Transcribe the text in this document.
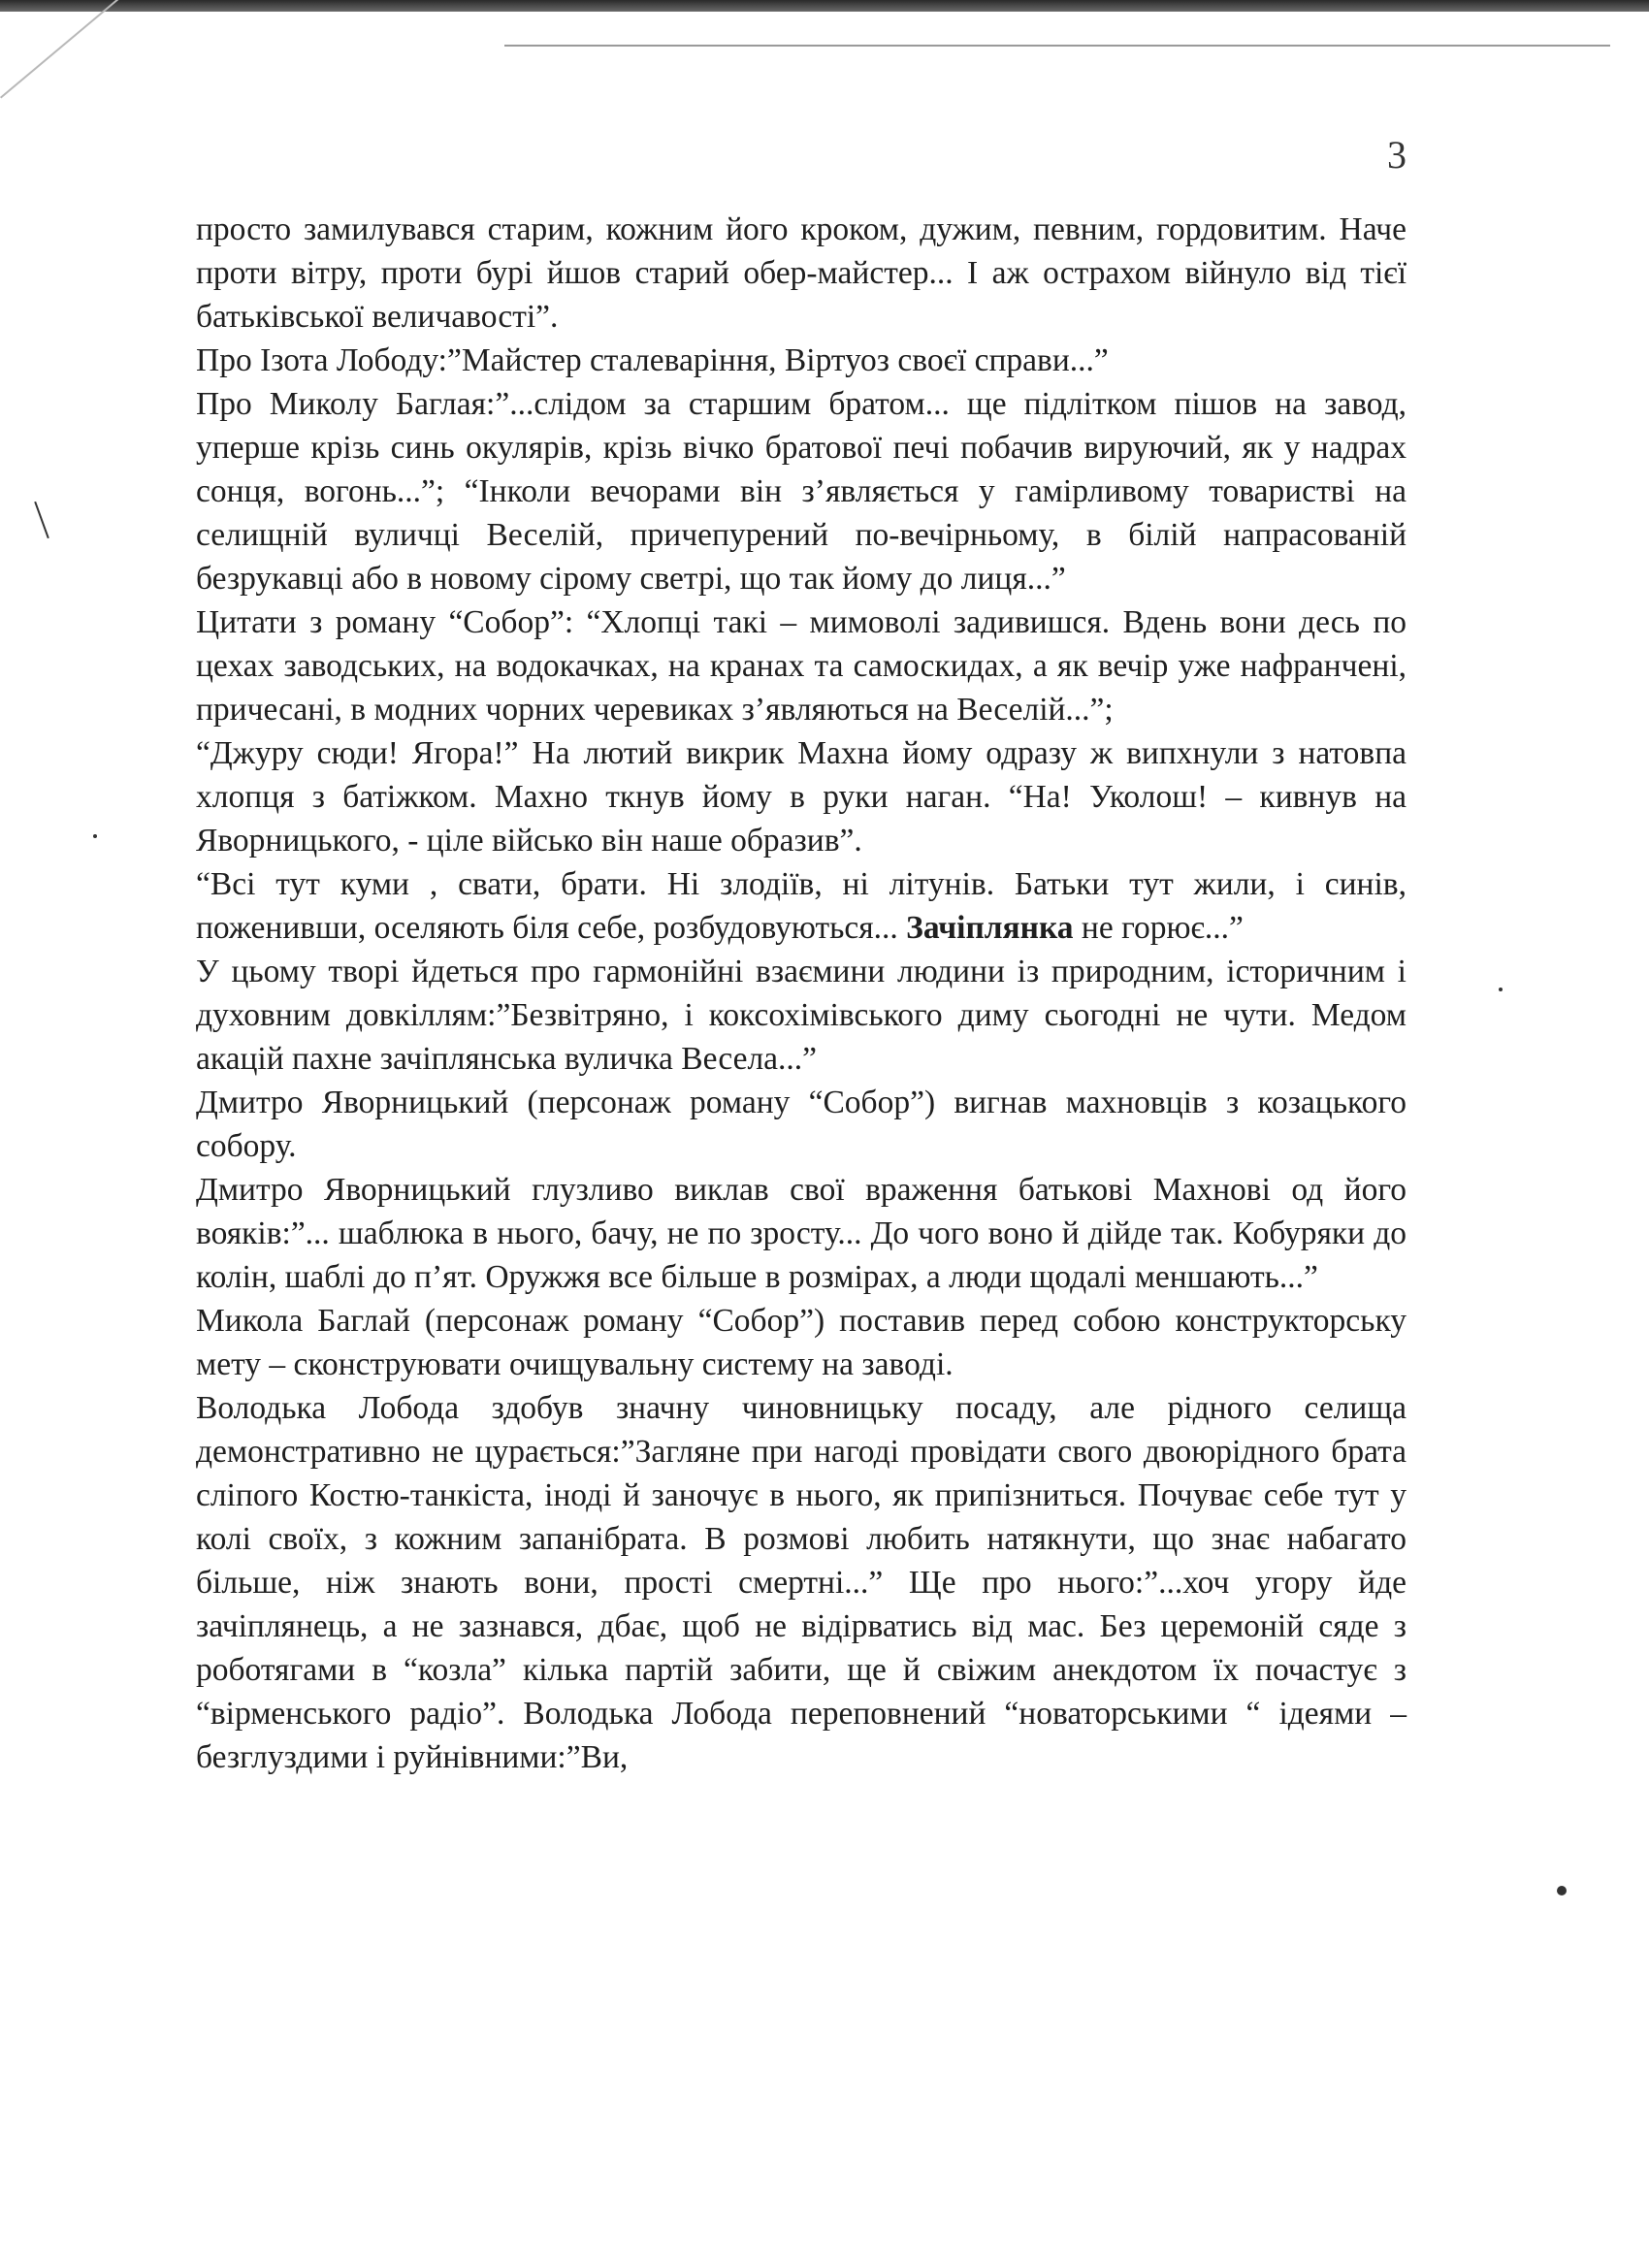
3

просто замилувався старим, кожним його кроком, дужим, певним, гордовитим. Наче проти вітру, проти бурі йшов старий обер-майстер... І аж острахом війнуло від тієї батьківської величавості”.

Про Ізота Лободу:”Майстер сталеваріння, Віртуоз своєї справи...”

Про Миколу Баглая:”...слідом за старшим братом... ще підлітком пішов на завод, уперше крізь синь окулярів, крізь вічко братової печі побачив вируючий, як у надрах сонця, вогонь...”; “Інколи вечорами він з’являється у гамірливому товаристві на селищній вуличці Веселій, причепурений по-вечірньому, в білій напрасованій безрукавці або в новому сірому светрі, що так йому до лиця...”

Цитати з роману “Собор”: “Хлопці такі – мимоволі задивишся. Вдень вони десь по цехах заводських, на водокачках, на кранах та самоскидах, а як вечір уже нафранчені, причесані, в модних чорних черевиках з’являються на Веселій...”;

“Джуру сюди! Ягора!” На лютий викрик Махна йому одразу ж випхнули з натовпа хлопця з батіжком. Махно ткнув йому в руки наган. “На! Уколош! – кивнув на Яворницького, - ціле військо він наше образив”.

“Всі тут куми , свати, брати. Ні злодіїв, ні літунів. Батьки тут жили, і синів, поженивши, оселяють біля себе, розбудовуються... Зачіплянка не горює...”

У цьому творі йдеться про гармонійні взаємини людини із природним, історичним і духовним довкіллям:”Безвітряно, і коксохімівського диму сьогодні не чути. Медом акацій пахне зачіплянська вуличка Весела...”

Дмитро Яворницький (персонаж роману “Собор”) вигнав махновців з козацького собору.

Дмитро Яворницький глузливо виклав свої враження батькові Махнові од його вояків:”... шаблюка в нього, бачу, не по зросту... До чого воно й дійде так. Кобуряки до колін, шаблі до п’ят. Оружжя все більше в розмірах, а люди щодалі меншають...”

Микола Баглай (персонаж роману “Собор”) поставив перед собою конструкторську мету – сконструювати очищувальну систему на заводі.

Володька Лобода здобув значну чиновницьку посаду, але рідного селища демонстративно не цурається:”Загляне при нагоді провідати свого двоюрідного брата сліпого Костю-танкіста, іноді й заночує в нього, як припізниться. Почуває себе тут у колі своїх, з кожним запанібрата. В розмові любить натякнути, що знає набагато більше, ніж знають вони, прості смертні...” Ще про нього:”...хоч угору йде зачіплянець, а не зазнався, дбає, щоб не відірватись від мас. Без церемоній сяде з роботягами в “козла” кілька партій забити, ще й свіжим анекдотом їх почастує з “вірменського радіо”. Володька Лобода переповнений “новаторськими “ ідеями – безглуздими і руйнівними:”Ви,
